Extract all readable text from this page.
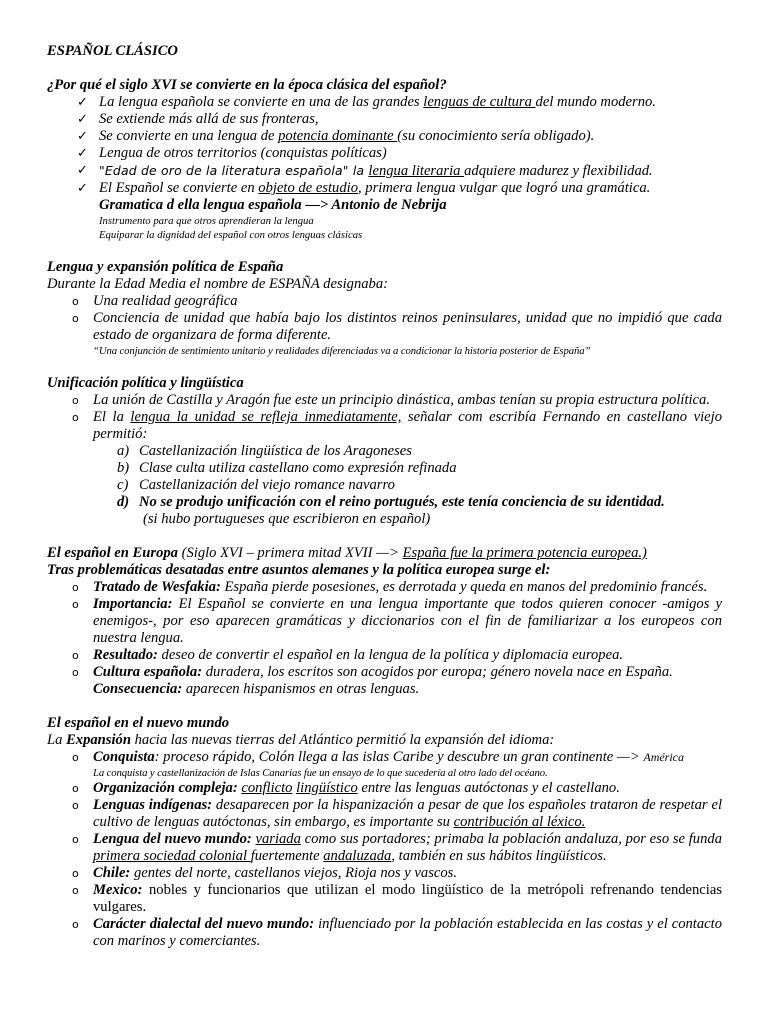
ESPAÑOL CLÁSICO
¿Por qué el siglo XVI se convierte en la época clásica del español?
✓ La lengua española se convierte en una de las grandes lenguas de cultura del mundo moderno.
✓ Se extiende más allá de sus fronteras,
✓ Se convierte en una lengua de potencia dominante (su conocimiento sería obligado).
✓ Lengua de otros territorios (conquistas políticas)
✓ "Edad de oro de la literatura española" la lengua literaria adquiere madurez y flexibilidad.
✓ El Español se convierte en objeto de estudio, primera lengua vulgar que logró una gramática.
Gramatica d ella lengua española —> Antonio de Nebrija
Instrumento para que otros aprendieran la lengua
Equiparar la dignidad del español con otros lenguas clásicas
Lengua y expansión política de España
Durante la Edad Media el nombre de ESPAÑA designaba:
o Una realidad geográfica
o Conciencia de unidad que había bajo los distintos reinos peninsulares, unidad que no impidió que cada estado de organizara de forma diferente.
“Una conjunción de sentimiento unitario y realidades diferenciadas va a condicionar la historia posterior de España”
Unificación política y lingüística
o La unión de Castilla y Aragón fue este un principio dinástica, ambas tenían su propia estructura política.
o El la lengua la unidad se refleja inmediatamente, señalar com escribía Fernando en castellano viejo permitió:
a) Castellanización lingüística de los Aragoneses
b) Clase culta utiliza castellano como expresión refinada
c) Castellanización del viejo romance navarro
d) No se produjo unificación con el reino portugués, este tenía conciencia de su identidad.
(si hubo portugueses que escribieron en español)
El español en Europa (Siglo XVI – primera mitad XVII —> España fue la primera potencia europea.)
Tras problemáticas desatadas entre asuntos alemanes y la política europea surge el:
o Tratado de Wesfakia: España pierde posesiones, es derrotada y queda en manos del predominio francés.
o Importancia: El Español se convierte en una lengua importante que todos quieren conocer -amigos y enemigos-, por eso aparecen gramáticas y diccionarios con el fin de familiarizar a los europeos con nuestra lengua.
o Resultado: deseo de convertir el español en la lengua de la política y diplomacia europea.
o Cultura española: duradera, los escritos son acogidos por europa; género novela nace en España.
Consecuencia: aparecen hispanismos en otras lenguas.
El español en el nuevo mundo
La Expansión hacia las nuevas tierras del Atlántico permitió la expansión del idioma:
o Conquista: proceso rápido, Colón llega a las islas Caribe y descubre un gran continente —> América
La conquista y castellanización de Islas Canarias fue un ensayo de lo que sucedería al otro lado del océano.
o Organización compleja: conflicto lingüístico entre las lenguas autóctonas y el castellano.
o Lenguas indígenas: desaparecen por la hispanización a pesar de que los españoles trataron de respetar el cultivo de lenguas autóctonas, sin embargo, es importante su contribución al léxico.
o Lengua del nuevo mundo: variada como sus portadores; primaba la población andaluza, por eso se funda primera sociedad colonial fuertemente andaluzada, también en sus hábitos lingüísticos.
o Chile: gentes del norte, castellanos viejos, Rioja nos y vascos.
o Mexico: nobles y funcionarios que utilizan el modo lingüístico de la metrópoli refrenando tendencias vulgares.
o Carácter dialectal del nuevo mundo: influenciado por la población establecida en las costas y el contacto con marinos y comerciantes.
